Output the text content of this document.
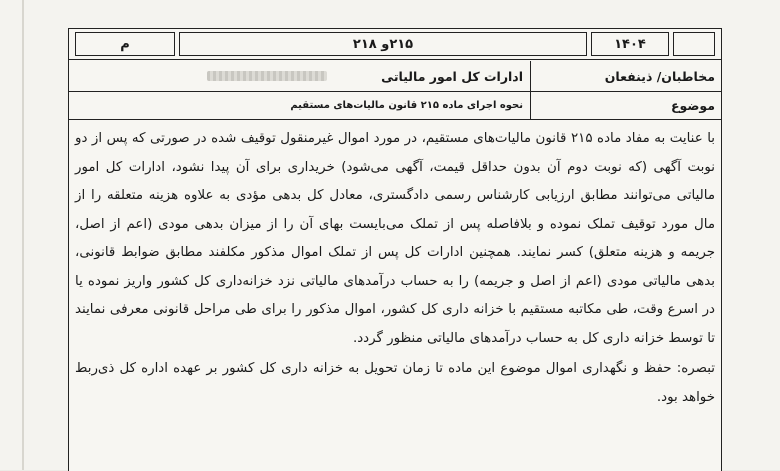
۱۴۰۴
۲۱۵و ۲۱۸
م
مخاطبان/ ذینفعان
ادارات کل امور مالیاتی
موضوع
نحوه اجرای ماده ۲۱۵ قانون مالیات‌های مستقیم

با عنایت به مفاد ماده ۲۱۵ قانون مالیات‌های مستقیم، در مورد اموال غیرمنقول توقیف شده در صورتی که پس از دو نوبت آگهی (که نوبت دوم آن بدون حداقل قیمت، آگهی می‌شود) خریداری برای آن پیدا نشود، ادارات کل امور مالیاتی می‌توانند مطابق ارزیابی کارشناس رسمی دادگستری، معادل کل بدهی مؤدی به علاوه هزینه متعلقه را از مال مورد توقیف تملک نموده و بلافاصله پس از تملک می‌بایست بهای آن را از میزان بدهی مودی (اعم از اصل، جریمه و هزینه متعلق) کسر نمایند. همچنین ادارات کل پس از تملک اموال مذکور مکلفند مطابق ضوابط قانونی، بدهی مالیاتی مودی (اعم از اصل و جریمه) را به حساب درآمدهای مالیاتی نزد خزانه‌داری کل کشور واریز نموده یا در اسرع وقت، طی مکاتبه مستقیم با خزانه داری کل کشور، اموال مذکور را برای طی مراحل قانونی معرفی نمایند تا توسط خزانه داری کل به حساب درآمدهای مالیاتی منظور گردد.

تبصره: حفظ و نگهداری اموال موضوع این ماده تا زمان تحویل به خزانه داری کل کشور بر عهده اداره کل ذی‌ربط خواهد بود.
